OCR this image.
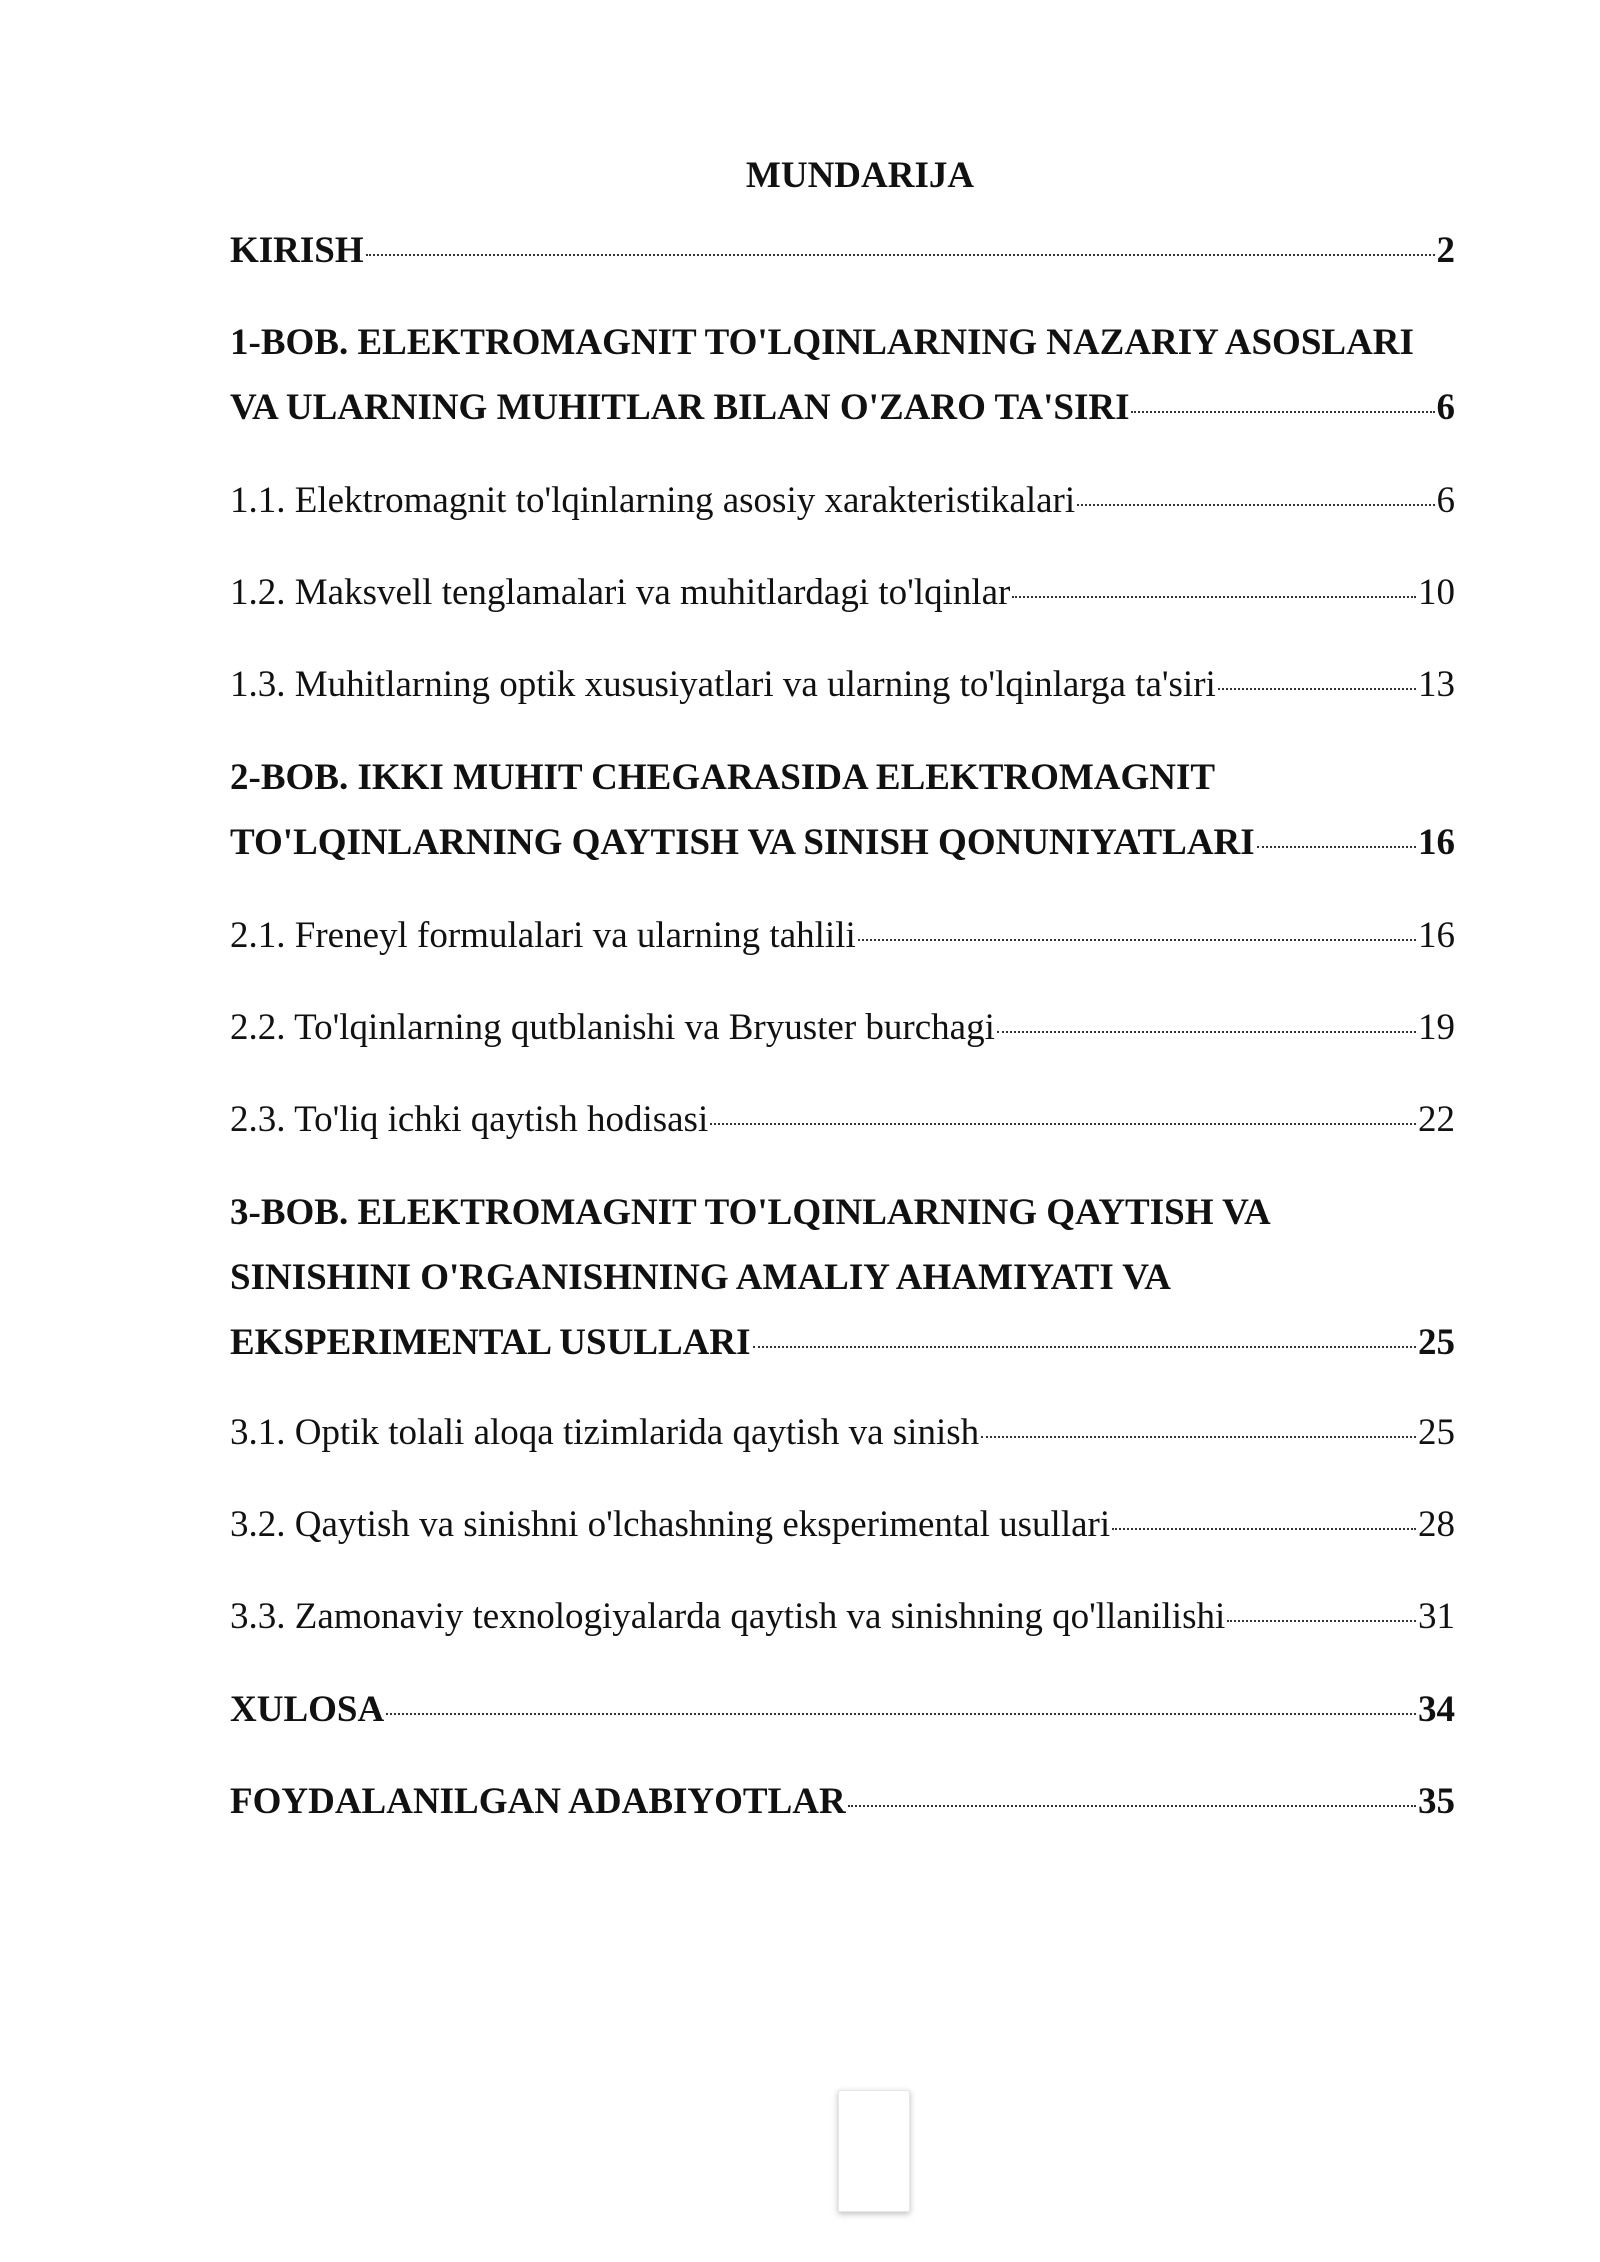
MUNDARIJA
KIRISH	2
1-BOB. ELEKTROMAGNIT TO'LQINLARNING NAZARIY ASOSLARI
VA ULARNING MUHITLAR BILAN O'ZARO TA'SIRI	6
1.1. Elektromagnit to'lqinlarning asosiy xarakteristikalari	6
1.2. Maksvell tenglamalari va muhitlardagi to'lqinlar	10
1.3. Muhitlarning optik xususiyatlari va ularning to'lqinlarga ta'siri	13
2-BOB. IKKI MUHIT CHEGARASIDA ELEKTROMAGNIT
TO'LQINLARNING QAYTISH VA SINISH QONUNIYATLARI	16
2.1. Freneyl formulalari va ularning tahlili	16
2.2. To'lqinlarning qutblanishi va Bryuster burchagi	19
2.3. To'liq ichki qaytish hodisasi	22
3-BOB. ELEKTROMAGNIT TO'LQINLARNING QAYTISH VA
SINISHINI O'RGANISHNING AMALIY AHAMIYATI VA
EKSPERIMENTAL USULLARI	25
3.1. Optik tolali aloqa tizimlarida qaytish va sinish	25
3.2. Qaytish va sinishni o'lchashning eksperimental usullari	28
3.3. Zamonaviy texnologiyalarda qaytish va sinishning qo'llanilishi	31
XULOSA	34
FOYDALANILGAN ADABIYOTLAR	35
